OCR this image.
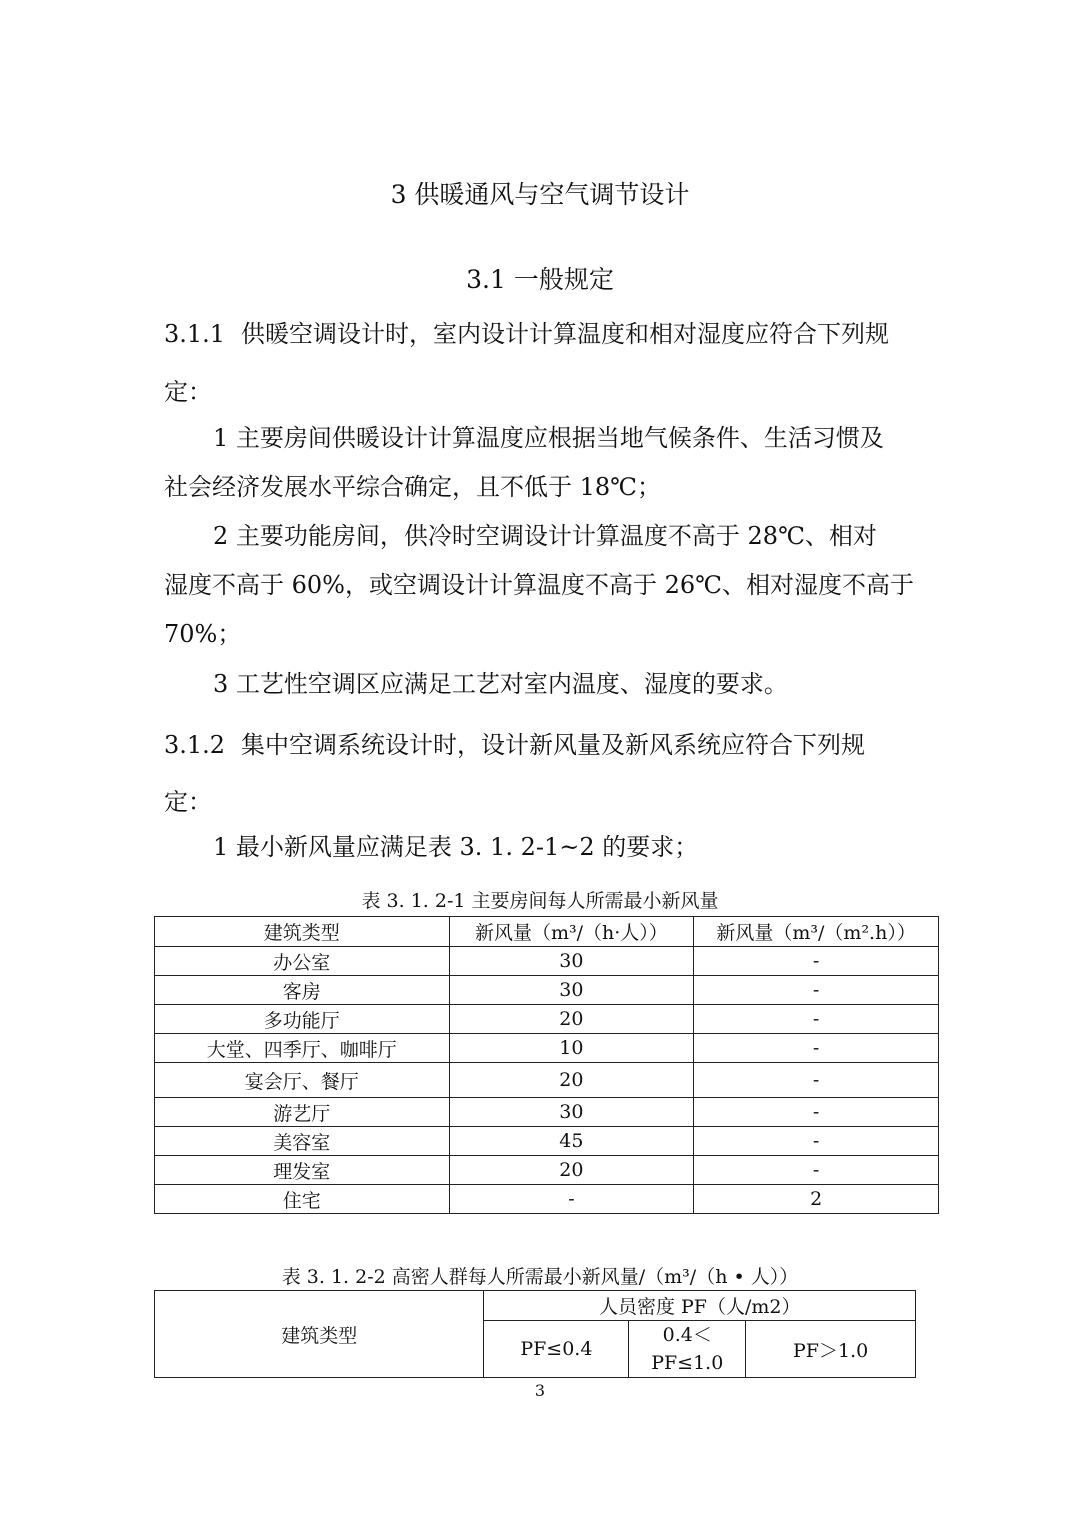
3 供暖通风与空气调节设计
3.1 一般规定
3.1.1 供暖空调设计时，室内设计计算温度和相对湿度应符合下列规
定：
1 主要房间供暖设计计算温度应根据当地气候条件、生活习惯及
社会经济发展水平综合确定，且不低于 18℃；
2 主要功能房间，供冷时空调设计计算温度不高于 28℃、相对
湿度不高于 60%，或空调设计计算温度不高于 26℃、相对湿度不高于
70%；
3 工艺性空调区应满足工艺对室内温度、湿度的要求。
3.1.2 集中空调系统设计时，设计新风量及新风系统应符合下列规
定：
1 最小新风量应满足表 3. 1. 2-1~2 的要求；
表 3. 1. 2-1 主要房间每人所需最小新风量
建筑类型	新风量（m³/（h·人））	新风量（m³/（m².h））
办公室	30	-
客房	30	-
多功能厅	20	-
大堂、四季厅、咖啡厅	10	-
宴会厅、餐厅	20	-
游艺厅	30	-
美容室	45	-
理发室	20	-
住宅	-	2
表 3. 1. 2-2 高密人群每人所需最小新风量/（m³/（h • 人））
建筑类型	人员密度 PF（人/m2）		
	PF≤0.4	0.4＜PF≤1.0	PF＞1.0
3
